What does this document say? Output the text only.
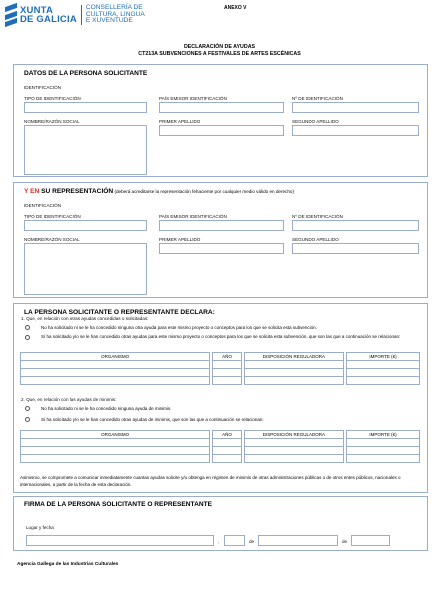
XUNTA
DE GALICIA
CONSELLERÍA DE
CULTURA, LINGUA
E XUVENTUDE
ANEXO V
DECLARACIÓN DE AYUDAS
CT213A SUBVENCIONES A FESTIVALES DE ARTES ESCÉNICAS
DATOS DE LA PERSONA SOLICITANTE
IDENTIFICACIÓN
TIPO DE IDENTIFICACIÓN	PAÍS EMISOR IDENTIFICACIÓN	Nº DE IDENTIFICACIÓN
NOMBRE/RAZÓN SOCIAL	PRIMER APELLIDO	SEGUNDO APELLIDO
Y EN SU REPRESENTACIÓN (deberá acreditarse la representación fehaciente por cualquier medio válido en derecho)
IDENTIFICACIÓN
TIPO DE IDENTIFICACIÓN	PAÍS EMISOR IDENTIFICACIÓN	Nº DE IDENTIFICACIÓN
NOMBRE/RAZÓN SOCIAL	PRIMER APELLIDO	SEGUNDO APELLIDO
LA PERSONA SOLICITANTE O REPRESENTANTE DECLARA:
1. Que, en relación con otras ayudas concedidas o solicitadas:
No ha solicitado ni se le ha concedido ninguna otra ayuda para este mismo proyecto o conceptos para los que se solicita esta subvención.
Sí ha solicitado y/o se le han concedido otras ayudas para este mismo proyecto o conceptos para los que se solicita esta subvención, que son las que a continuación se relacionan:
ORGANISMO		AÑO		DISPOSICIÓN REGULADORA		IMPORTE (€)

2. Que, en relación con las ayudas de minimis:
No ha solicitado ni se le ha concedido ninguna ayuda de minimis.
Sí ha solicitado y/o se le han concedido otras ayudas de minimis, que son las que a continuación se relacionan:
ORGANISMO		AÑO		DISPOSICIÓN REGULADORA		IMPORTE (€)

Asimismo, se compromete a comunicar inmediatamente cuantas ayudas solicite y/u obtenga en régimen de minimis de otras administraciones públicas o de otros entes públicos, nacionales o internacionales, a partir de la fecha de esta declaración.
FIRMA DE LA PERSONA SOLICITANTE O REPRESENTANTE
Lugar y fecha
,	de	de
Agencia Gallega de las Industrias Culturales
